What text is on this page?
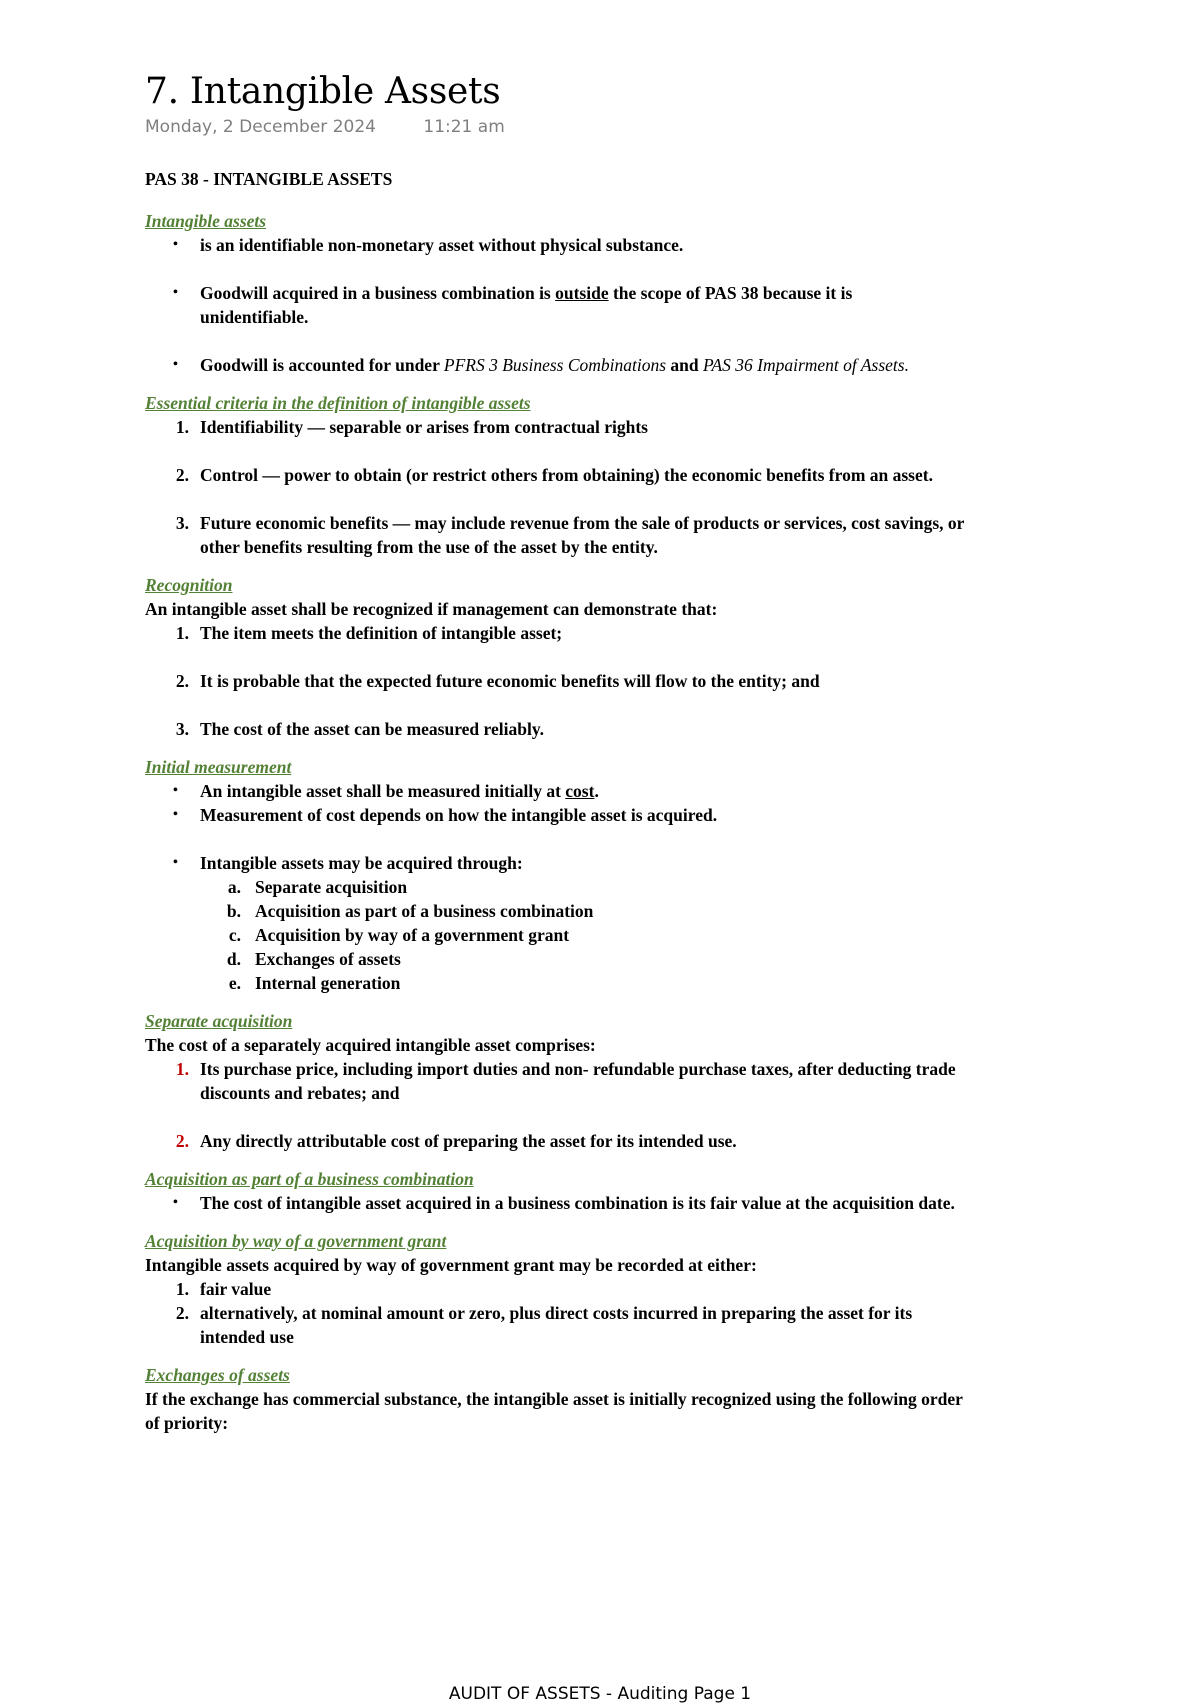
7. Intangible Assets
Monday, 2 December 2024	11:21 am
PAS 38 - INTANGIBLE ASSETS
Intangible assets
• is an identifiable non-monetary asset without physical substance.
• Goodwill acquired in a business combination is outside the scope of PAS 38 because it is unidentifiable.
• Goodwill is accounted for under PFRS 3 Business Combinations and PAS 36 Impairment of Assets.
Essential criteria in the definition of intangible assets
1. Identifiability — separable or arises from contractual rights
2. Control — power to obtain (or restrict others from obtaining) the economic benefits from an asset.
3. Future economic benefits — may include revenue from the sale of products or services, cost savings, or other benefits resulting from the use of the asset by the entity.
Recognition
An intangible asset shall be recognized if management can demonstrate that:
1. The item meets the definition of intangible asset;
2. It is probable that the expected future economic benefits will flow to the entity; and
3. The cost of the asset can be measured reliably.
Initial measurement
• An intangible asset shall be measured initially at cost.
• Measurement of cost depends on how the intangible asset is acquired.
• Intangible assets may be acquired through:
a. Separate acquisition
b. Acquisition as part of a business combination
c. Acquisition by way of a government grant
d. Exchanges of assets
e. Internal generation
Separate acquisition
The cost of a separately acquired intangible asset comprises:
1. Its purchase price, including import duties and non- refundable purchase taxes, after deducting trade discounts and rebates; and
2. Any directly attributable cost of preparing the asset for its intended use.
Acquisition as part of a business combination
• The cost of intangible asset acquired in a business combination is its fair value at the acquisition date.
Acquisition by way of a government grant
Intangible assets acquired by way of government grant may be recorded at either:
1. fair value
2. alternatively, at nominal amount or zero, plus direct costs incurred in preparing the asset for its intended use
Exchanges of assets
If the exchange has commercial substance, the intangible asset is initially recognized using the following order of priority:
AUDIT OF ASSETS - Auditing Page 1
